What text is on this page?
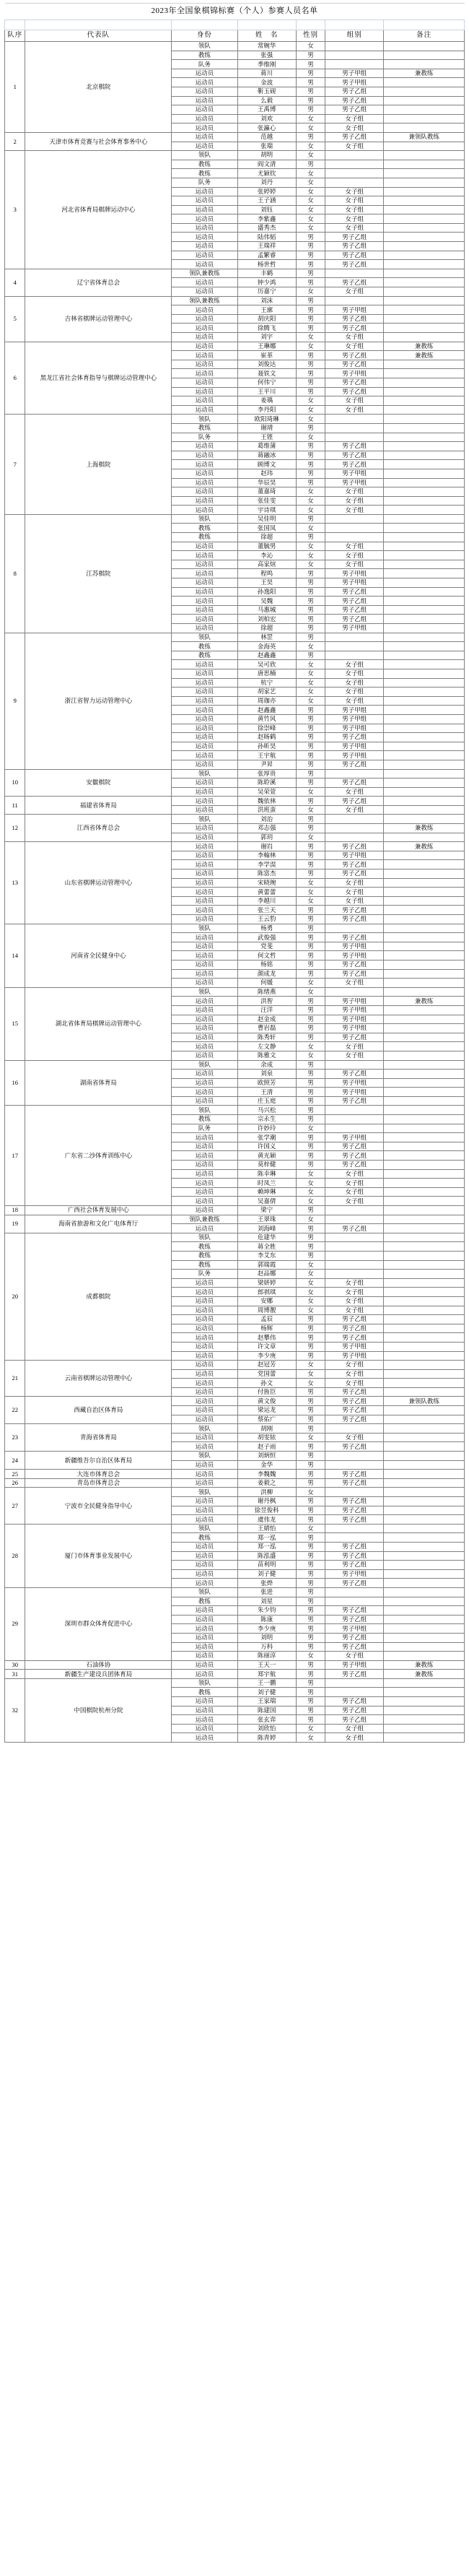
2023年全国象棋锦标赛（个人）参赛人员名单						

队序	代表队	身份	姓　名	性别	组别	备注
1	北京棋院	领队	常婉华	女		
		教练	张强	男		
		队务	季维刚	男		
		运动员	蒋川	男	男子甲组	兼教练
		运动员	金波	男	男子甲组	
		运动员	靳玉砚	男	男子乙组	
		运动员	么毅	男	男子乙组	
		运动员	王禹博	男	男子乙组	
		运动员	刘欢	女	女子组	
		运动员	张瀛心	女	女子组	
2	天津市体育竞赛与社会体育事务中心	运动员	范越	男	男子乙组	兼领队教练
		运动员	张瑞	女	女子组	
3	河北省体育局棋牌运动中心	领队	胡明	女		
		教练	阎文清	男		
		教练	尤颖钦	女		
		队务	刘丹	女		
		运动员	张婷婷	女	女子组	
		运动员	王子涵	女	女子组	
		运动员	刘钰	女	女子组	
		运动员	李紫鑫	女	女子组	
		运动员	盛秀杰	女	女子组	
		运动员	陆伟韬	男	男子乙组	
		运动员	王瑞祥	男	男子乙组	
		运动员	孟繁睿	男	男子乙组	
		运动员	杨世哲	男	男子乙组	
4	辽宁省体育总会	领队兼教练	丰鹤	男		
		运动员	钟少鸿	男	男子乙组	
		运动员	历嘉宁	女	女子组	
5	吉林省棋牌运动管理中心	领队兼教练	刘沫	男		
		运动员	王廓	男	男子甲组	
		运动员	胡庆阳	男	男子乙组	
		运动员	徐腾飞	男	男子乙组	
		运动员	刘宇	女	女子组	
6	黑龙江省社会体育指导与棋牌运动管理中心	运动员	王琳娜	女	女子组	兼教练
		运动员	崔革	男	男子乙组	兼教练
		运动员	刘俊达	男	男子乙组	
		运动员	聂铁文	男	男子甲组	
		运动员	何伟宁	男	男子乙组	
		运动员	王平川	男	男子乙组	
		运动员	姜瑀	女	女子组	
		运动员	李丹阳	女	女子组	
7	上海棋院	领队	欧阳琦琳	女		
		教练	谢靖	男		
		队务	王铿	女		
		运动员	葛维蒲	男	男子乙组	
		运动员	蒋融冰	男	男子乙组	
		运动员	顾博文	男	男子乙组	
		运动员	赵玮	男	男子甲组	
		运动员	华辰昊	男	男子甲组	
		运动员	董嘉琦	女	女子组	
		运动员	张佳雯	女	女子组	
		运动员	宇诗琪	女	女子组	
8	江苏棋院	领队	吴佳明	男		
		教练	张国凤	女		
		教练	徐超	男		
		运动员	董毓男	女	女子组	
		运动员	李沁	女	女子组	
		运动员	高家煊	女	女子组	
		运动员	程鸣	男	男子甲组	
		运动员	王昊	男	男子甲组	
		运动员	孙逸阳	男	男子乙组	
		运动员	吴魏	男	男子乙组	
		运动员	马惠城	男	男子乙组	
		运动员	刘柏宏	男	男子乙组	
		运动员	徐超	男	男子甲组	
9	浙江省智力运动管理中心	领队	林罡	男		
		教练	金海英	女		
		教练	赵鑫鑫	男		
		运动员	吴可欣	女	女子组	
		运动员	唐思楠	女	女子组	
		运动员	杭宁	女	女子组	
		运动员	胡家艺	女	女子组	
		运动员	周珈亦	女	女子组	
		运动员	赵鑫鑫	男	男子甲组	
		运动员	黄竹风	男	男子甲组	
		运动员	徐崇峰	男	男子甲组	
		运动员	赵旸鹤	男	男子乙组	
		运动员	孙昕昊	男	男子甲组	
		运动员	王宇航	男	男子甲组	
		运动员	尹昇	男	男子乙组	
10	安徽棋院	领队	张厚贵	男		
		运动员	陈聆溪	男	男子乙组	
		运动员	吴荣萱	女	女子组	
11	福建省体育局	运动员	魏依林	男	男子乙组	
		运动员	洪班蛮	女	女子组	
12	江西省体育总会	领队	刘治	男		
		运动员	邓志强	男		兼教练
		运动员	郭玥	女		
13	山东省棋牌运动管理中心	运动员	谢岿	男	男子乙组	兼教练
		运动员	李翰林	男	男子甲组	
		运动员	李学淏	男	男子乙组	
		运动员	陈富杰	男	男子乙组	
		运动员	宋晓琬	女	女子组	
		运动员	黄蕾蕾	女	女子组	
		运动员	李越川	女	女子组	
		运动员	张兰天	男	男子乙组	
		运动员	王云豹	男	男子乙组	
14	河南省全民健身中心	领队	杨勇	男		
		运动员	武俊强	男	男子乙组	
		运动员	党斐	男	男子甲组	
		运动员	何文哲	男	男子甲组	
		运动员	杨铭	男	男子乙组	
		运动员	颜成龙	男	男子乙组	
		运动员	何媛	女	女子组	
15	湖北省体育局棋牌运动管理中心	领队	陈绪燕	女		
		运动员	洪智	男	男子甲组	兼教练
		运动员	汪洋	男	男子甲组	
		运动员	赵金成	男	男子甲组	
		运动员	曹岩磊	男	男子甲组	
		运动员	陈秀轩	男	男子乙组	
		运动员	左文静	女	女子组	
		运动员	陈雅文	女	女子组	
16	湖南省体育局	领队	余成	男		
		运动员	刘泉	男	男子乙组	
		运动员	欧照芳	男	男子甲组	
		运动员	王清	男	男子甲组	
		运动员	庄玉庭	男	男子乙组	
17	广东省二沙体育训练中心	领队	马兴松	男		
		教练	宗永生	男		
		队务	许妙玲	女		
		运动员	张学潮	男	男子甲组	
		运动员	许国义	男	男子乙组	
		运动员	黄光颖	男	男子乙组	
		运动员	莫梓健	男	男子乙组	
		运动员	陈幸琳	女	女子组	
		运动员	时凤兰	女	女子组	
		运动员	赖坤琳	女	女子组	
		运动员	吴嘉倩	女	女子组	
18	广西社会体育发展中心	运动员	梁宁	男		
19	海南省旅游和文化广电体育厅	领队兼教练	王翠珠	女		
		运动员	刘海峰	男	男子乙组	
20	成都棋院	领队	危建华	男		
		教练	蒋全胜	男		
		教练	李艾东	男		
		教练	郭瑞霞	女		
		队务	赵品娜	女		
		运动员	梁妍婷	女	女子组	
		运动员	郎祺琪	女	女子组	
		运动员	安娜	女	女子组	
		运动员	周博靓	女	女子组	
		运动员	孟辰	男	男子乙组	
		运动员	杨辉	男	男子乙组	
		运动员	赵攀伟	男	男子乙组	
		运动员	许文章	男	男子甲组	
		运动员	李少庚	男	男子甲组	
21	云南省棋牌运动管理中心	运动员	赵冠芳	女	女子组	
		运动员	党国蕾	女	女子组	
		运动员	孙文	女	女子组	
		运动员	付旌臣	男	男子乙组	
22	西藏自治区体育局	运动员	黄文俊	男	男子乙组	兼领队教练
		运动员	梁运龙	男	男子乙组	
		运动员	蔡佑广	男	男子乙组	
23	青海省体育局	领队	胡刚	男		
		运动员	胡雯铱	女	女子组	
		运动员	赵子雨	男	男子乙组	
24	新疆维吾尔自治区体育局	领队	刘炳恒	男		
		运动员	金华	男		
25	大连市体育总会	运动员	李魏魏	男	男子乙组	
26	青岛市体育总会	运动员	姜毅之	男	男子乙组	
27	宁波市全民健身指导中心	领队	洪柳	女		
		运动员	谢丹枫	男	男子乙组	
		运动员	徐昱俊科	男	男子乙组	
		运动员	虞伟龙	男	男子乙组	
28	厦门市体育事业发展中心	领队	王婧怡	女		
		教练	郑一泓	男		
		运动员	郑一泓	男	男子乙组	
		运动员	陈泓盛	男	男子乙组	
		运动员	苗利明	男	男子乙组	
		运动员	刘子健	男	男子甲组	
		运动员	张烨	男	男子乙组	
29	深圳市群众体育促进中心	领队	张进	男		
		教练	刘星	男		
		运动员	朱少钧	男	男子乙组	
		运动员	陈康	男	男子乙组	
		运动员	李少庚	男	男子甲组	
		运动员	刘明	男	男子乙组	
		运动员	万科	男	男子乙组	
		运动员	陈丽淳	女	女子组	
30	石油体协	运动员	王天一	男	男子甲组	兼教练
31	新疆生产建设兵团体育局	运动员	郑宇航	男	男子乙组	兼教练
32	中国棋院杭州分院	领队	王一鹏	男		
		教练	刘子健	男		
		运动员	王家瑞	男	男子乙组	
		运动员	陈建国	男	男子乙组	
		运动员	张玄弈	男	男子乙组	
		运动员	刘欣怡	女	女子组	
		运动员	陈青婷	女	女子组	
